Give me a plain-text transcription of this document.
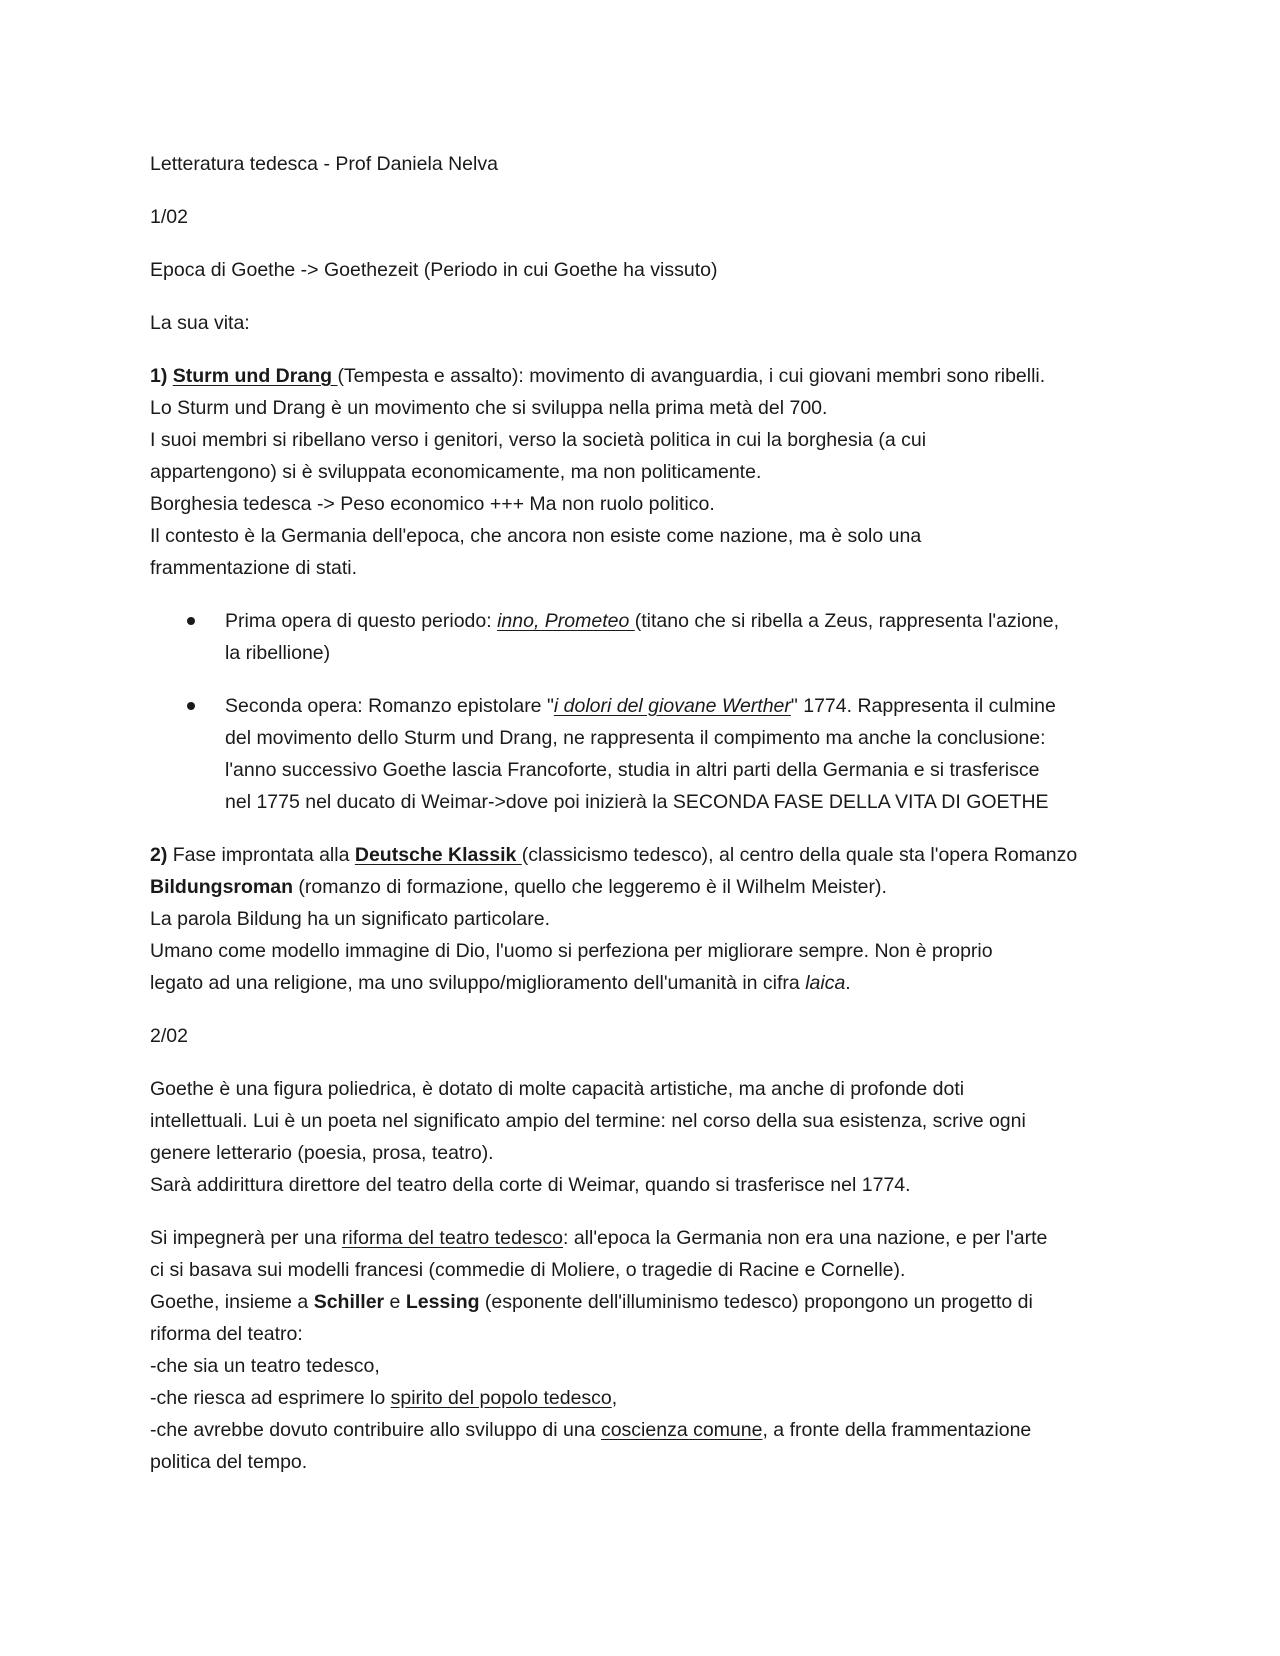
Letteratura tedesca - Prof Daniela Nelva

1/02

Epoca di Goethe -> Goethezeit (Periodo in cui Goethe ha vissuto)

La sua vita:

1) Sturm und Drang (Tempesta e assalto): movimento di avanguardia, i cui giovani membri sono ribelli.
Lo Sturm und Drang è un movimento che si sviluppa nella prima metà del 700.
I suoi membri si ribellano verso i genitori, verso la società politica in cui la borghesia (a cui
appartengono) si è sviluppata economicamente, ma non politicamente.
Borghesia tedesca -> Peso economico +++ Ma non ruolo politico.
Il contesto è la Germania dell'epoca, che ancora non esiste come nazione, ma è solo una
frammentazione di stati.

Prima opera di questo periodo: inno, Prometeo (titano che si ribella a Zeus, rappresenta l'azione,
la ribellione)
Seconda opera: Romanzo epistolare "i dolori del giovane Werther" 1774. Rappresenta il culmine
del movimento dello Sturm und Drang, ne rappresenta il compimento ma anche la conclusione:
l'anno successivo Goethe lascia Francoforte, studia in altri parti della Germania e si trasferisce
nel 1775 nel ducato di Weimar->dove poi inizierà la SECONDA FASE DELLA VITA DI GOETHE

2) Fase improntata alla Deutsche Klassik (classicismo tedesco), al centro della quale sta l'opera Romanzo
Bildungsroman (romanzo di formazione, quello che leggeremo è il Wilhelm Meister).
La parola Bildung ha un significato particolare.
Umano come modello immagine di Dio, l'uomo si perfeziona per migliorare sempre. Non è proprio
legato ad una religione, ma uno sviluppo/miglioramento dell'umanità in cifra laica.

2/02

Goethe è una figura poliedrica, è dotato di molte capacità artistiche, ma anche di profonde doti
intellettuali. Lui è un poeta nel significato ampio del termine: nel corso della sua esistenza, scrive ogni
genere letterario (poesia, prosa, teatro).
Sarà addirittura direttore del teatro della corte di Weimar, quando si trasferisce nel 1774.

Si impegnerà per una riforma del teatro tedesco: all'epoca la Germania non era una nazione, e per l'arte
ci si basava sui modelli francesi (commedie di Moliere, o tragedie di Racine e Cornelle).
Goethe, insieme a Schiller e Lessing (esponente dell'illuminismo tedesco) propongono un progetto di
riforma del teatro:
-che sia un teatro tedesco,
-che riesca ad esprimere lo spirito del popolo tedesco,
-che avrebbe dovuto contribuire allo sviluppo di una coscienza comune, a fronte della frammentazione
politica del tempo.
